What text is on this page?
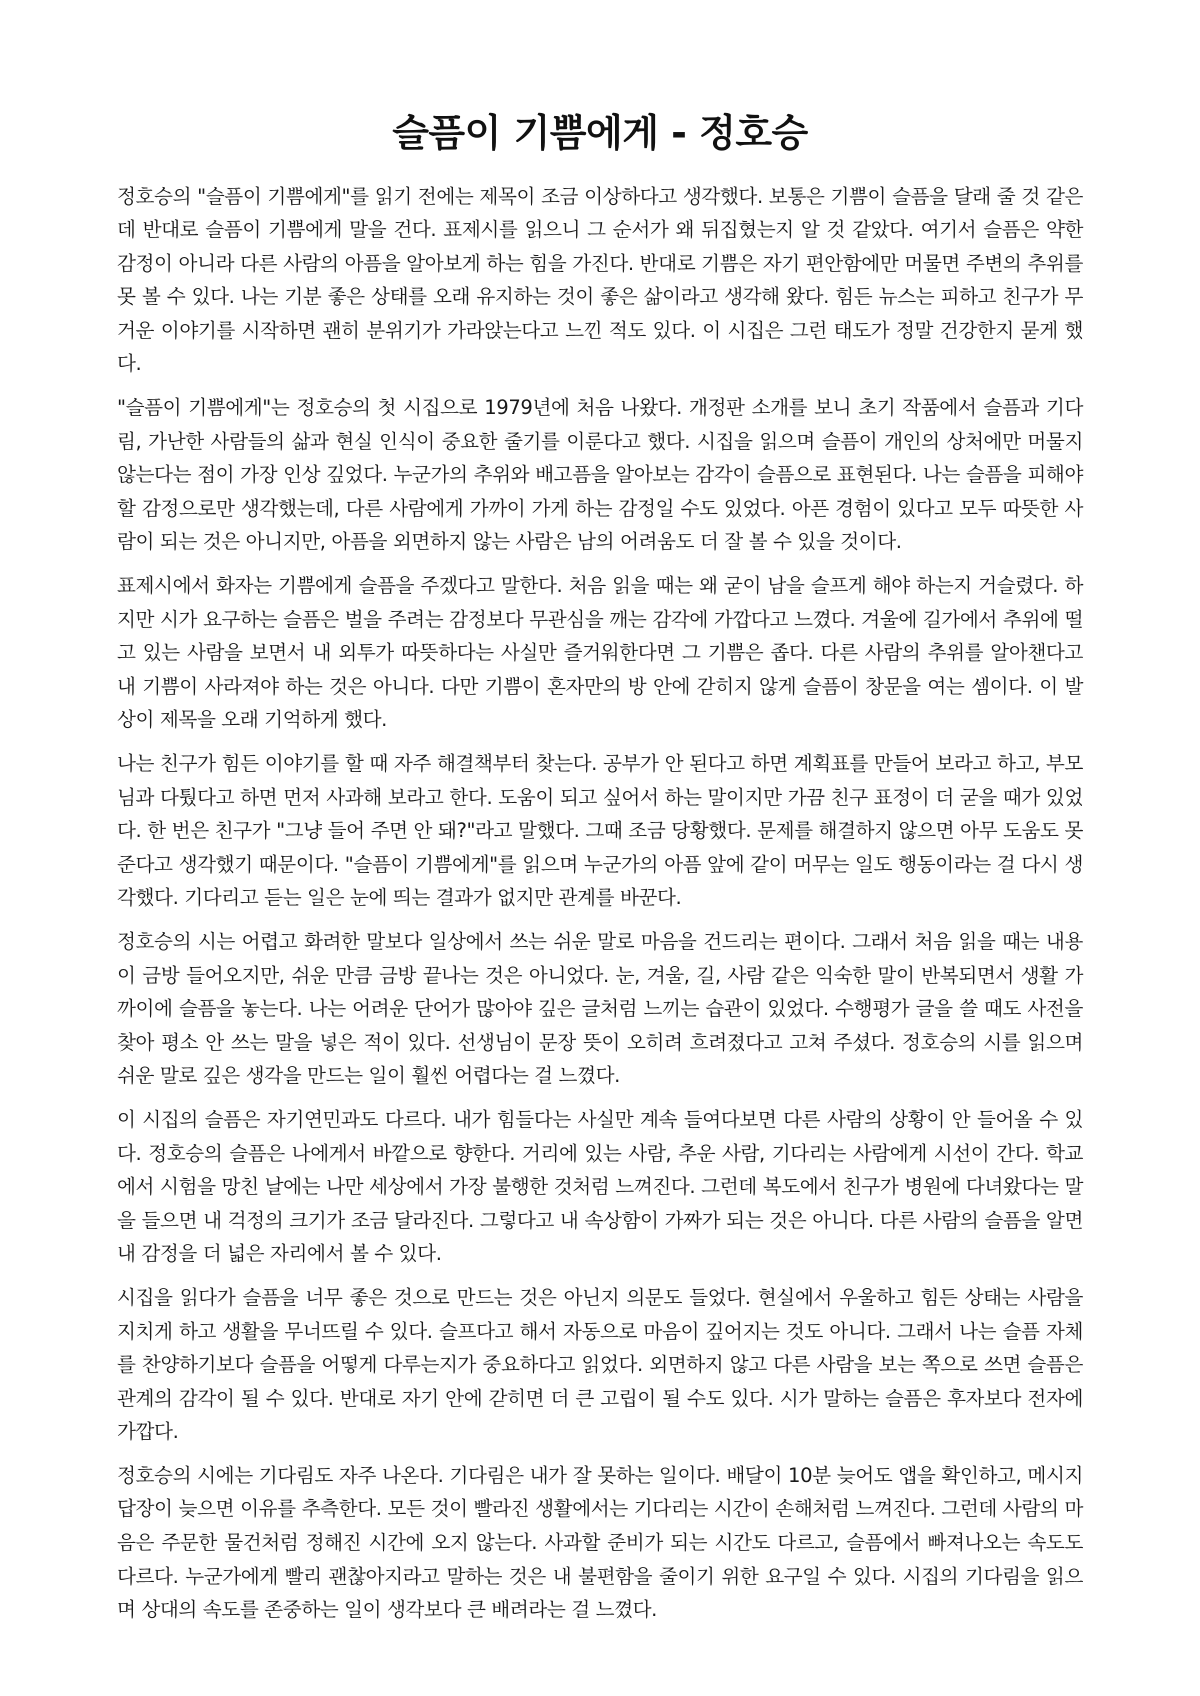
슬픔이 기쁨에게 - 정호승

정호승의 "슬픔이 기쁨에게"를 읽기 전에는 제목이 조금 이상하다고 생각했다. 보통은 기쁨이 슬픔을 달래 줄 것 같은데 반대로 슬픔이 기쁨에게 말을 건다. 표제시를 읽으니 그 순서가 왜 뒤집혔는지 알 것 같았다. 여기서 슬픔은 약한 감정이 아니라 다른 사람의 아픔을 알아보게 하는 힘을 가진다. 반대로 기쁨은 자기 편안함에만 머물면 주변의 추위를 못 볼 수 있다. 나는 기분 좋은 상태를 오래 유지하는 것이 좋은 삶이라고 생각해 왔다. 힘든 뉴스는 피하고 친구가 무거운 이야기를 시작하면 괜히 분위기가 가라앉는다고 느낀 적도 있다. 이 시집은 그런 태도가 정말 건강한지 묻게 했다.

"슬픔이 기쁨에게"는 정호승의 첫 시집으로 1979년에 처음 나왔다. 개정판 소개를 보니 초기 작품에서 슬픔과 기다림, 가난한 사람들의 삶과 현실 인식이 중요한 줄기를 이룬다고 했다. 시집을 읽으며 슬픔이 개인의 상처에만 머물지 않는다는 점이 가장 인상 깊었다. 누군가의 추위와 배고픔을 알아보는 감각이 슬픔으로 표현된다. 나는 슬픔을 피해야 할 감정으로만 생각했는데, 다른 사람에게 가까이 가게 하는 감정일 수도 있었다. 아픈 경험이 있다고 모두 따뜻한 사람이 되는 것은 아니지만, 아픔을 외면하지 않는 사람은 남의 어려움도 더 잘 볼 수 있을 것이다.

표제시에서 화자는 기쁨에게 슬픔을 주겠다고 말한다. 처음 읽을 때는 왜 굳이 남을 슬프게 해야 하는지 거슬렸다. 하지만 시가 요구하는 슬픔은 벌을 주려는 감정보다 무관심을 깨는 감각에 가깝다고 느꼈다. 겨울에 길가에서 추위에 떨고 있는 사람을 보면서 내 외투가 따뜻하다는 사실만 즐거워한다면 그 기쁨은 좁다. 다른 사람의 추위를 알아챈다고 내 기쁨이 사라져야 하는 것은 아니다. 다만 기쁨이 혼자만의 방 안에 갇히지 않게 슬픔이 창문을 여는 셈이다. 이 발상이 제목을 오래 기억하게 했다.

나는 친구가 힘든 이야기를 할 때 자주 해결책부터 찾는다. 공부가 안 된다고 하면 계획표를 만들어 보라고 하고, 부모님과 다퉜다고 하면 먼저 사과해 보라고 한다. 도움이 되고 싶어서 하는 말이지만 가끔 친구 표정이 더 굳을 때가 있었다. 한 번은 친구가 "그냥 들어 주면 안 돼?"라고 말했다. 그때 조금 당황했다. 문제를 해결하지 않으면 아무 도움도 못 준다고 생각했기 때문이다. "슬픔이 기쁨에게"를 읽으며 누군가의 아픔 앞에 같이 머무는 일도 행동이라는 걸 다시 생각했다. 기다리고 듣는 일은 눈에 띄는 결과가 없지만 관계를 바꾼다.

정호승의 시는 어렵고 화려한 말보다 일상에서 쓰는 쉬운 말로 마음을 건드리는 편이다. 그래서 처음 읽을 때는 내용이 금방 들어오지만, 쉬운 만큼 금방 끝나는 것은 아니었다. 눈, 겨울, 길, 사람 같은 익숙한 말이 반복되면서 생활 가까이에 슬픔을 놓는다. 나는 어려운 단어가 많아야 깊은 글처럼 느끼는 습관이 있었다. 수행평가 글을 쓸 때도 사전을 찾아 평소 안 쓰는 말을 넣은 적이 있다. 선생님이 문장 뜻이 오히려 흐려졌다고 고쳐 주셨다. 정호승의 시를 읽으며 쉬운 말로 깊은 생각을 만드는 일이 훨씬 어렵다는 걸 느꼈다.

이 시집의 슬픔은 자기연민과도 다르다. 내가 힘들다는 사실만 계속 들여다보면 다른 사람의 상황이 안 들어올 수 있다. 정호승의 슬픔은 나에게서 바깥으로 향한다. 거리에 있는 사람, 추운 사람, 기다리는 사람에게 시선이 간다. 학교에서 시험을 망친 날에는 나만 세상에서 가장 불행한 것처럼 느껴진다. 그런데 복도에서 친구가 병원에 다녀왔다는 말을 들으면 내 걱정의 크기가 조금 달라진다. 그렇다고 내 속상함이 가짜가 되는 것은 아니다. 다른 사람의 슬픔을 알면 내 감정을 더 넓은 자리에서 볼 수 있다.

시집을 읽다가 슬픔을 너무 좋은 것으로 만드는 것은 아닌지 의문도 들었다. 현실에서 우울하고 힘든 상태는 사람을 지치게 하고 생활을 무너뜨릴 수 있다. 슬프다고 해서 자동으로 마음이 깊어지는 것도 아니다. 그래서 나는 슬픔 자체를 찬양하기보다 슬픔을 어떻게 다루는지가 중요하다고 읽었다. 외면하지 않고 다른 사람을 보는 쪽으로 쓰면 슬픔은 관계의 감각이 될 수 있다. 반대로 자기 안에 갇히면 더 큰 고립이 될 수도 있다. 시가 말하는 슬픔은 후자보다 전자에 가깝다.

정호승의 시에는 기다림도 자주 나온다. 기다림은 내가 잘 못하는 일이다. 배달이 10분 늦어도 앱을 확인하고, 메시지 답장이 늦으면 이유를 추측한다. 모든 것이 빨라진 생활에서는 기다리는 시간이 손해처럼 느껴진다. 그런데 사람의 마음은 주문한 물건처럼 정해진 시간에 오지 않는다. 사과할 준비가 되는 시간도 다르고, 슬픔에서 빠져나오는 속도도 다르다. 누군가에게 빨리 괜찮아지라고 말하는 것은 내 불편함을 줄이기 위한 요구일 수 있다. 시집의 기다림을 읽으며 상대의 속도를 존중하는 일이 생각보다 큰 배려라는 걸 느꼈다.
